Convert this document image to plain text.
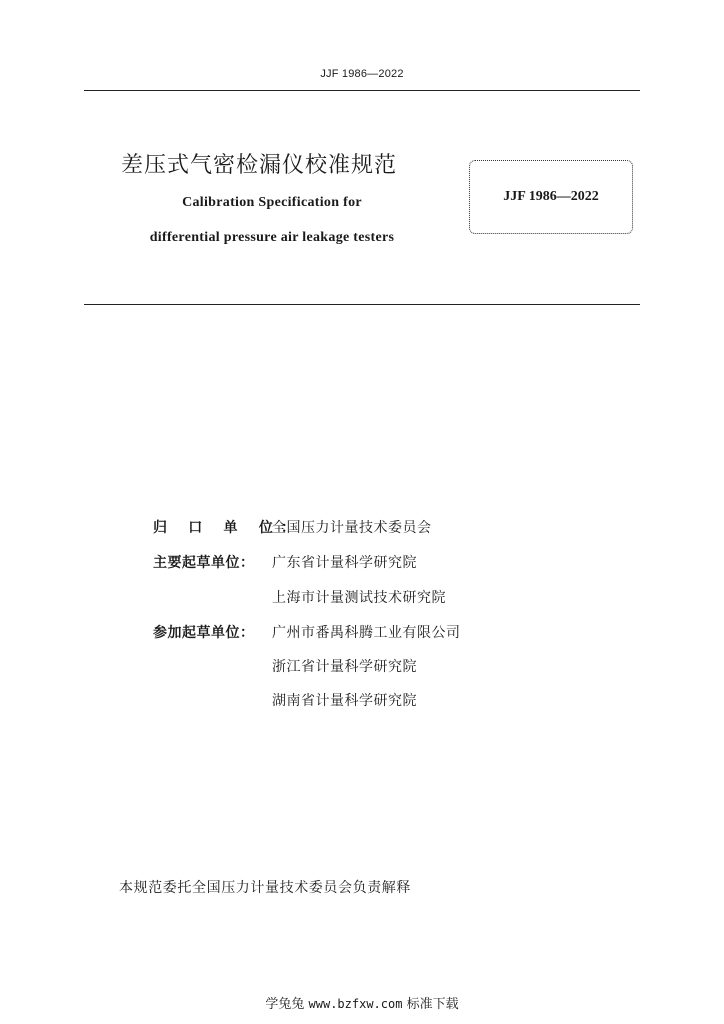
JJF 1986—2022
差压式气密检漏仪校准规范
Calibration Specification for
differential pressure air leakage testers
JJF 1986—2022
归 口 单 位：
全国压力计量技术委员会
主要起草单位：	广东省计量科学研究院
上海市计量测试技术研究院
参加起草单位：	广州市番禺科腾工业有限公司
浙江省计量科学研究院
湖南省计量科学研究院
本规范委托全国压力计量技术委员会负责解释
学兔兔 www.bzfxw.com 标准下载
